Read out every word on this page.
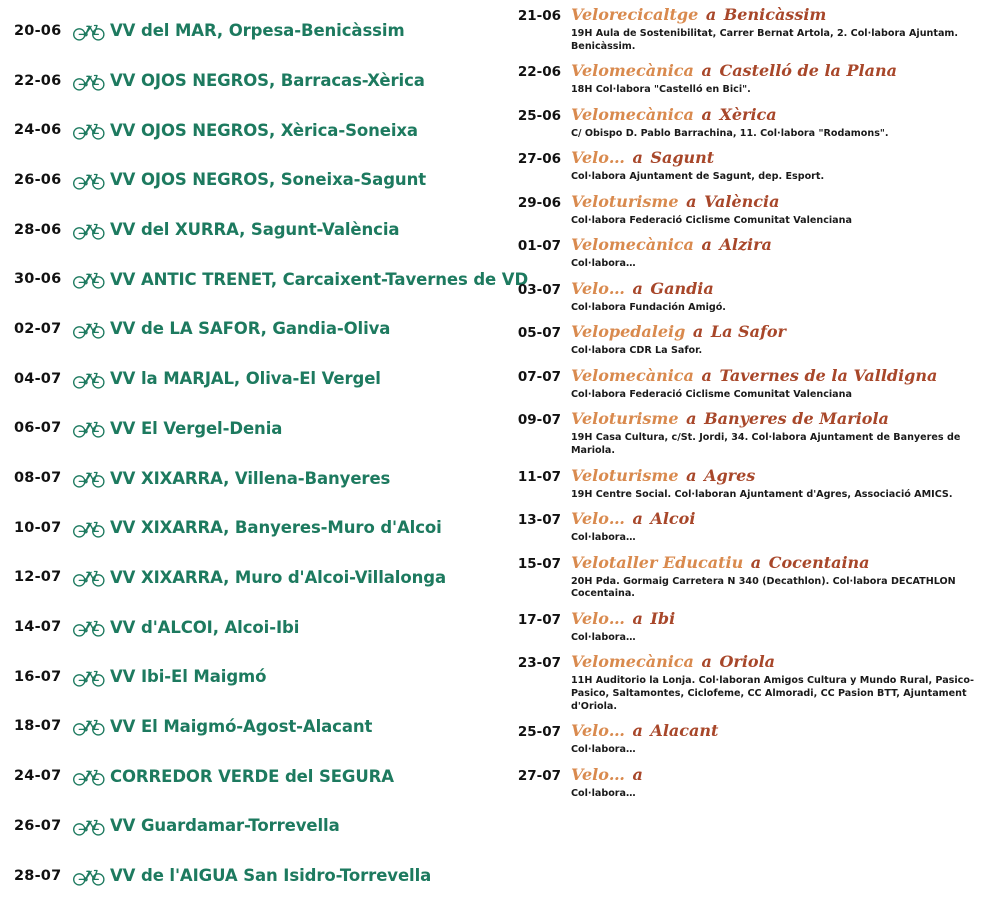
20-06	VV del MAR, Orpesa-Benicàssim
22-06	VV OJOS NEGROS, Barracas-Xèrica
24-06	VV OJOS NEGROS, Xèrica-Soneixa
26-06	VV OJOS NEGROS, Soneixa-Sagunt
28-06	VV del XURRA, Sagunt-València
30-06	VV ANTIC TRENET, Carcaixent-Tavernes de VD
02-07	VV de LA SAFOR, Gandia-Oliva
04-07	VV la MARJAL, Oliva-El Vergel
06-07	VV El Vergel-Denia
08-07	VV XIXARRA, Villena-Banyeres
10-07	VV XIXARRA, Banyeres-Muro d'Alcoi
12-07	VV XIXARRA, Muro d'Alcoi-Villalonga
14-07	VV d'ALCOI, Alcoi-Ibi
16-07	VV Ibi-El Maigmó
18-07	VV El Maigmó-Agost-Alacant
24-07	CORREDOR VERDE del SEGURA
26-07	VV Guardamar-Torrevella
28-07	VV de l'AIGUA San Isidro-Torrevella
21-06 Velorecicaltge a Benicàssim
19H Aula de Sostenibilitat, Carrer Bernat Artola, 2. Col·labora Ajuntam. Benicàssim.
22-06 Velomecànica a Castelló de la Plana
18H Col·labora "Castelló en Bici".
25-06 Velomecànica a Xèrica
C/ Obispo D. Pablo Barrachina, 11. Col·labora "Rodamons".
27-06 Velo… a Sagunt
Col·labora Ajuntament de Sagunt, dep. Esport.
29-06 Veloturisme a València
Col·labora Federació Ciclisme Comunitat Valenciana
01-07 Velomecànica a Alzira
Col·labora…
03-07 Velo… a Gandia
Col·labora Fundación Amigó.
05-07 Velopedaleig a La Safor
Col·labora CDR La Safor.
07-07 Velomecànica a Tavernes de la Valldigna
Col·labora Federació Ciclisme Comunitat Valenciana
09-07 Veloturisme a Banyeres de Mariola
19H Casa Cultura, c/St. Jordi, 34. Col·labora Ajuntament de Banyeres de Mariola.
11-07 Veloturisme a Agres
19H Centre Social. Col·laboran Ajuntament d'Agres, Associació AMICS.
13-07 Velo… a Alcoi
Col·labora…
15-07 Velotaller Educatiu a Cocentaina
20H Pda. Gormaig Carretera N 340 (Decathlon). Col·labora DECATHLON Cocentaina.
17-07 Velo… a Ibi
Col·labora…
23-07 Velomecànica a Oriola
11H Auditorio la Lonja. Col·laboran Amigos Cultura y Mundo Rural, Pasico-Pasico, Saltamontes, Ciclofeme, CC Almoradi, CC Pasion BTT, Ajuntament d'Oriola.
25-07 Velo… a Alacant
Col·labora…
27-07 Velo… a
Col·labora…
